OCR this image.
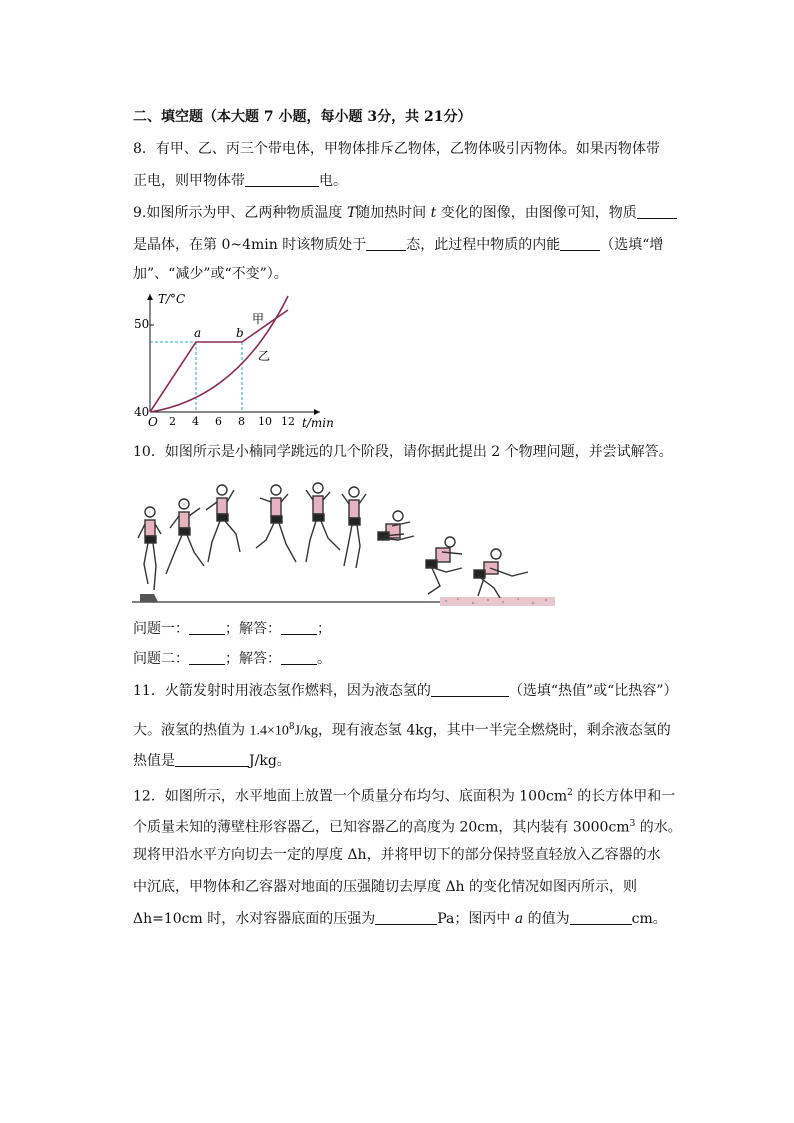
二、填空题（本大题 7 小题，每小题 3分，共 21分）
8．有甲、乙、丙三个带电体，甲物体排斥乙物体，乙物体吸引丙物体。如果丙物体带
正电，则甲物体带	电。
9.如图所示为甲、乙两种物质温度 T随加热时间 t 变化的图像，由图像可知，物质
是晶体，在第 0~4min 时该物质处于	态，此过程中物质的内能	（选填“增
加”、“减少”或“不变”）。
T/°C
t/min
O
40
50
2 4 6 8 10 12
a	b
甲
乙
10．如图所示是小楠同学跳远的几个阶段，请你据此提出 2 个物理问题，并尝试解答。
问题一：	；解答：	；
问题二：	；解答：	。
11．火箭发射时用液态氢作燃料，因为液态氢的	（选填“热值”或“比热容”）
大。液氢的热值为 $1.4\times 10^8J/kg$，现有液态氢 4kg，其中一半完全燃烧时，剩余液态氢的
热值是	J/kg。
12．如图所示，水平地面上放置一个质量分布均匀、底面积为 $100cm^2$ 的长方体甲和一
个质量未知的薄壁柱形容器乙，已知容器乙的高度为 20cm，其内装有 $3000cm^3$ 的水。
现将甲沿水平方向切去一定的厚度 Δh，并将甲切下的部分保持竖直轻放入乙容器的水
中沉底，甲物体和乙容器对地面的压强随切去厚度 Δh 的变化情况如图丙所示，则
Δh=10cm 时，水对容器底面的压强为	Pa；图丙中 a 的值为	cm。
